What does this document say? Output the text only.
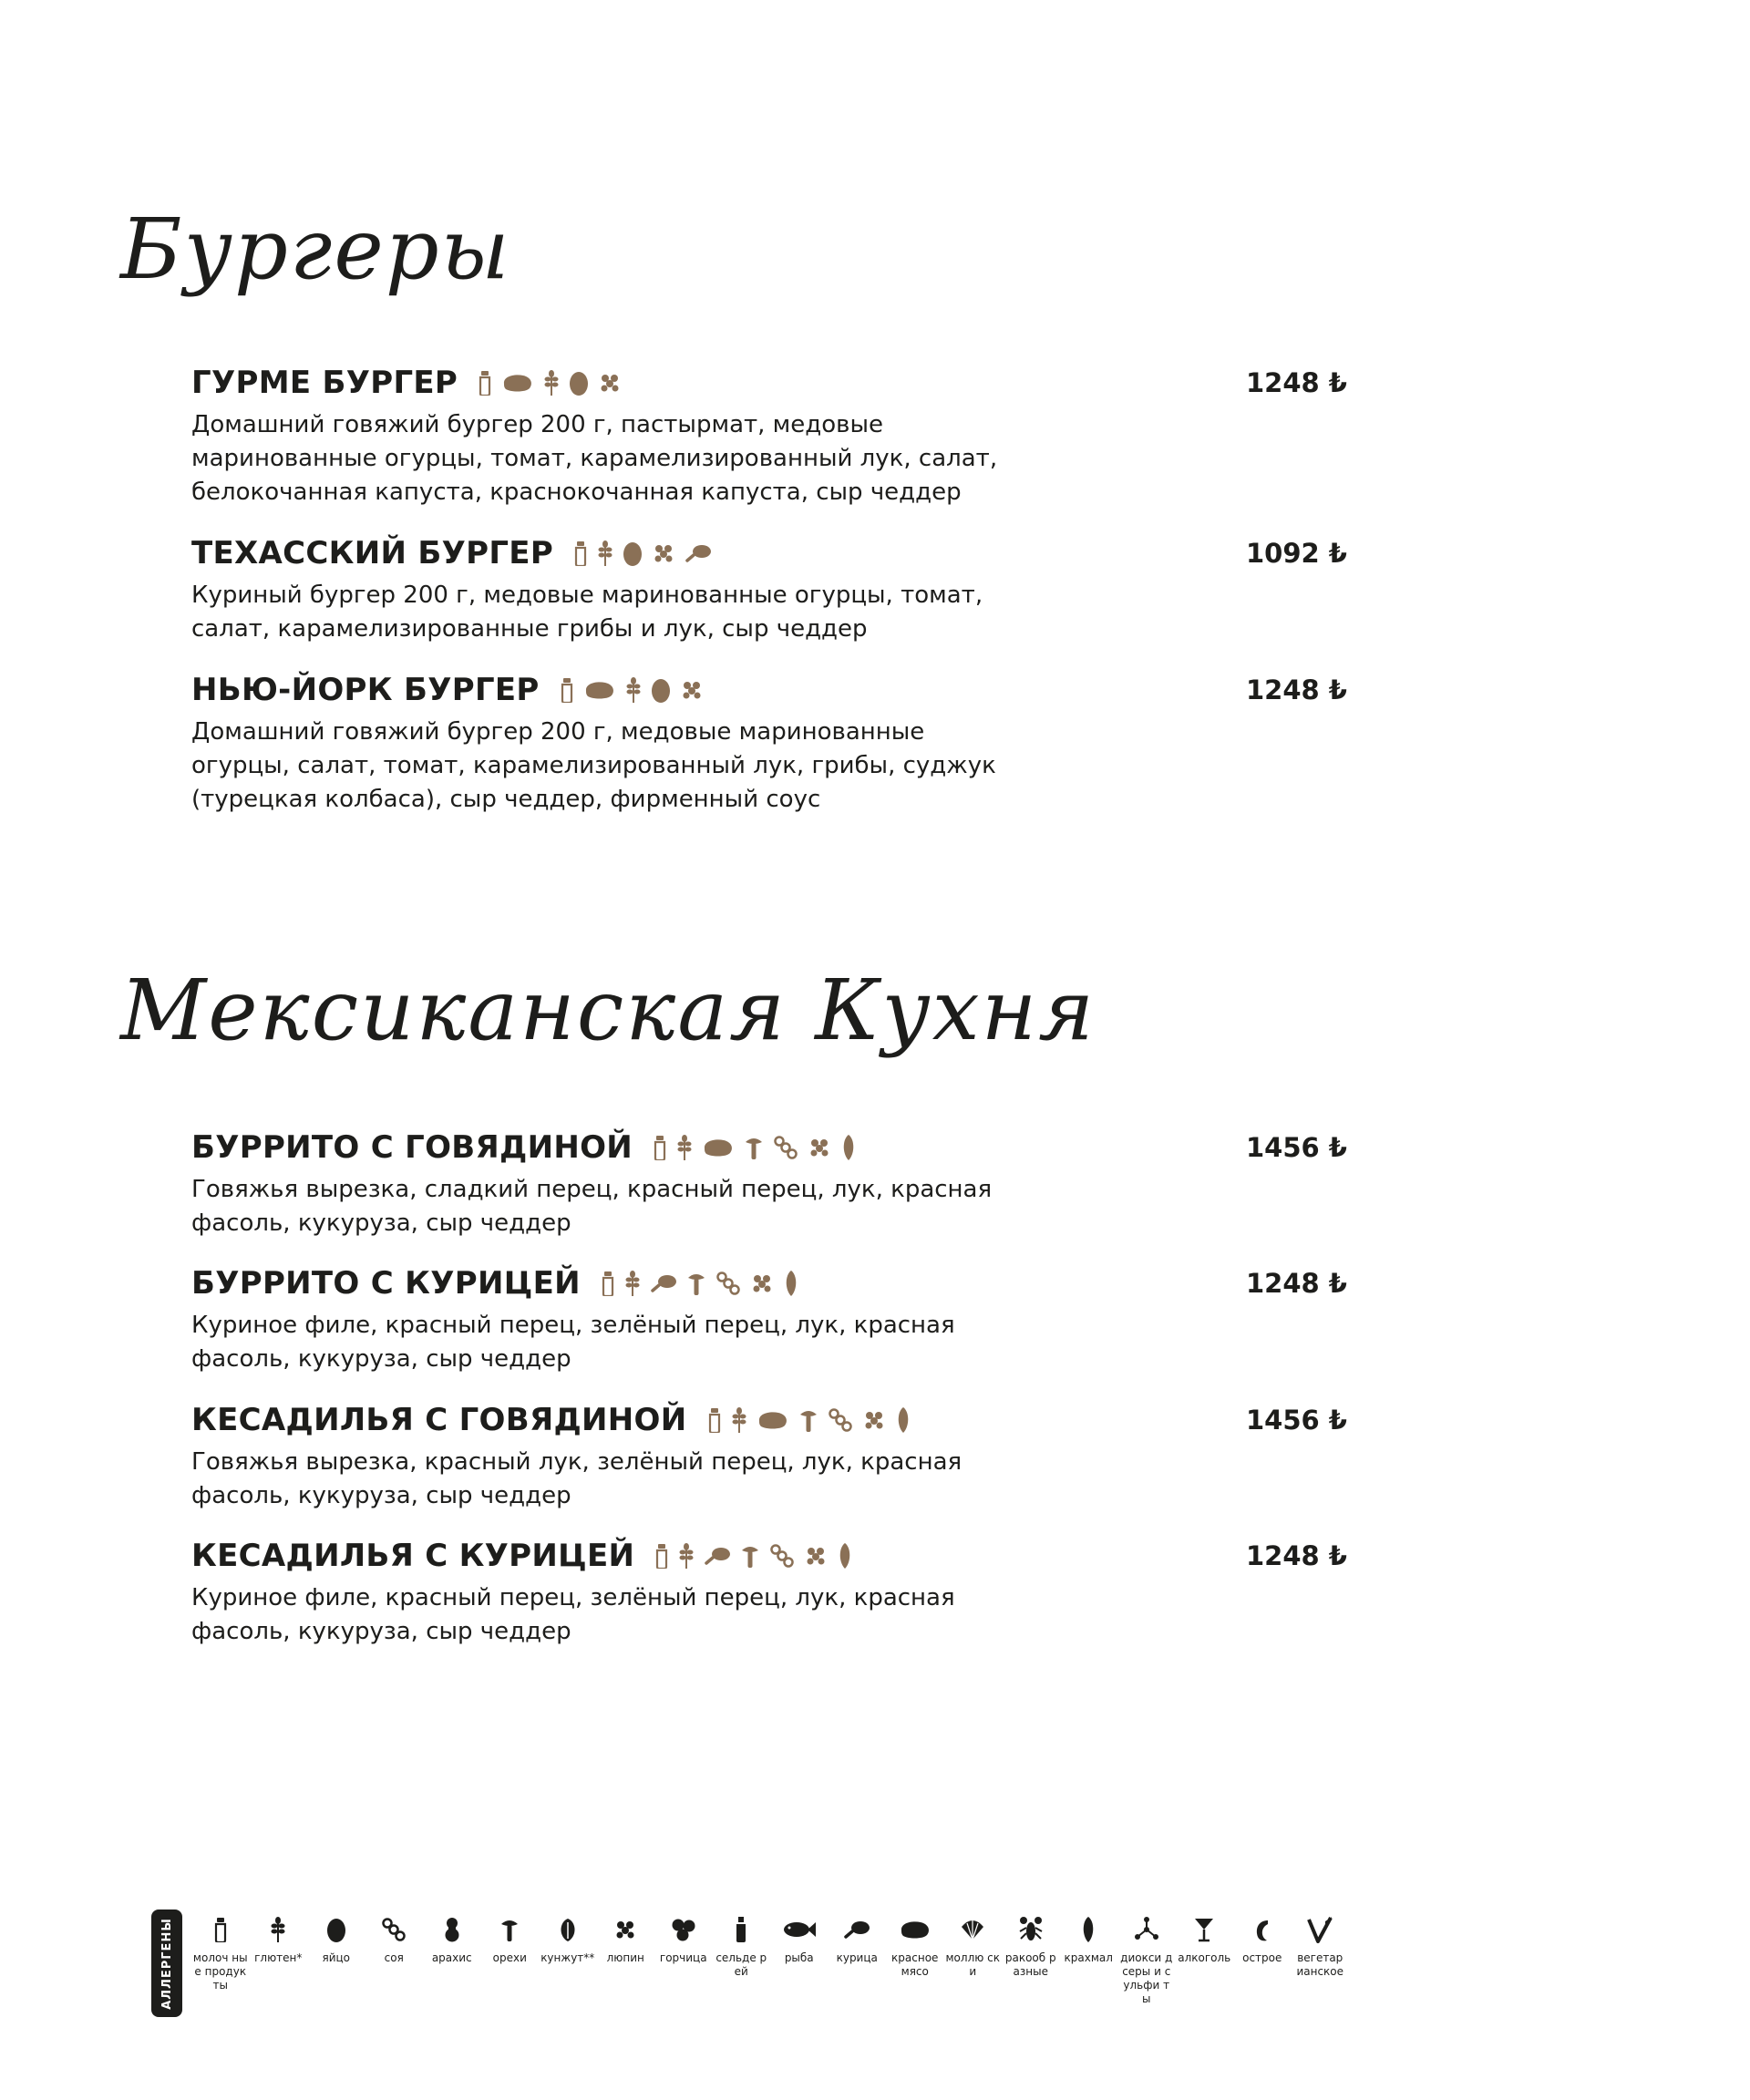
Бургеры
ГУРМЕ БУРГЕР	1248 ₺
Домашний говяжий бургер 200 г, пастырмат, медовые маринованные огурцы, томат, карамелизированный лук, салат, белокочанная капуста, краснокочанная капуста, сыр чеддер
ТЕХАССКИЙ БУРГЕР	1092 ₺
Куриный бургер 200 г, медовые маринованные огурцы, томат, салат, карамелизированные грибы и лук, сыр чеддер
НЬЮ-ЙОРК БУРГЕР	1248 ₺
Домашний говяжий бургер 200 г, медовые маринованные огурцы, салат, томат, карамелизированный лук, грибы, суджук (турецкая колбаса), сыр чеддер, фирменный соус
Мексиканская Кухня
БУРРИТО С ГОВЯДИНОЙ	1456 ₺
Говяжья вырезка, сладкий перец, красный перец, лук, красная фасоль, кукуруза, сыр чеддер
БУРРИТО С КУРИЦЕЙ	1248 ₺
Куриное филе, красный перец, зелёный перец, лук, красная фасоль, кукуруза, сыр чеддер
КЕСАДИЛЬЯ С ГОВЯДИНОЙ	1456 ₺
Говяжья вырезка, красный лук, зелёный перец, лук, красная фасоль, кукуруза, сыр чеддер
КЕСАДИЛЬЯ С КУРИЦЕЙ	1248 ₺
Куриное филе, красный перец, зелёный перец, лук, красная фасоль, кукуруза, сыр чеддер
АЛЛЕРГЕНЫ молоч ные продук ты
глютен*	яйцо	соя	арахис	орехи	кунжут**	люпин	горчица сельде рей
рыба	курица	красное мясо
моллю ски
ракооб разные
крахмал диокси д серы и сульфи ты
алкоголь	острое	вегетар ианское
